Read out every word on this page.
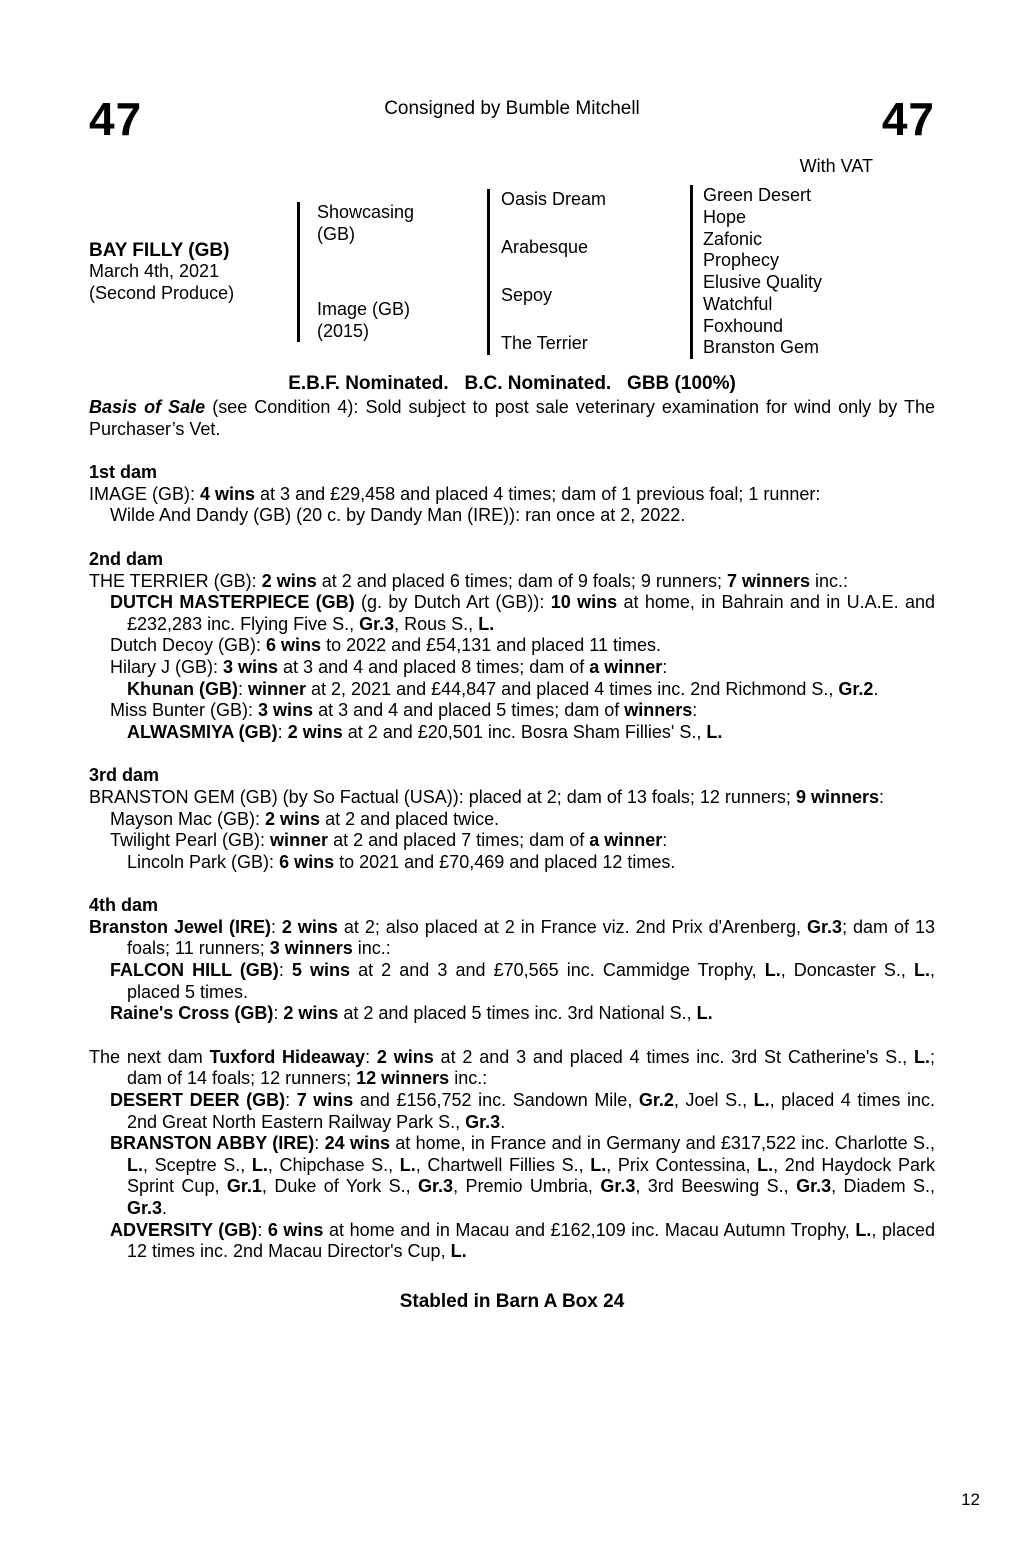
47	Consigned by Bumble Mitchell	47
With VAT
BAY FILLY (GB)
March 4th, 2021
(Second Produce)
Showcasing
(GB)
Image (GB)
(2015)
Oasis Dream
Arabesque
Sepoy
The Terrier
Green Desert
Hope
Zafonic
Prophecy
Elusive Quality
Watchful
Foxhound
Branston Gem
E.B.F. Nominated.   B.C. Nominated.   GBB (100%)

Basis of Sale (see Condition 4): Sold subject to post sale veterinary examination for wind only by The Purchaser’s Vet.

1st dam

IMAGE (GB): 4 wins at 3 and £29,458 and placed 4 times; dam of 1 previous foal; 1 runner:

Wilde And Dandy (GB) (20 c. by Dandy Man (IRE)): ran once at 2, 2022.

2nd dam

THE TERRIER (GB): 2 wins at 2 and placed 6 times; dam of 9 foals; 9 runners; 7 winners inc.:

DUTCH MASTERPIECE (GB) (g. by Dutch Art (GB)): 10 wins at home, in Bahrain and in U.A.E. and £232,283 inc. Flying Five S., Gr.3, Rous S., L.

Dutch Decoy (GB): 6 wins to 2022 and £54,131 and placed 11 times.

Hilary J (GB): 3 wins at 3 and 4 and placed 8 times; dam of a winner:

Khunan (GB): winner at 2, 2021 and £44,847 and placed 4 times inc. 2nd Richmond S., Gr.2.

Miss Bunter (GB): 3 wins at 3 and 4 and placed 5 times; dam of winners:

ALWASMIYA (GB): 2 wins at 2 and £20,501 inc. Bosra Sham Fillies' S., L.

3rd dam

BRANSTON GEM (GB) (by So Factual (USA)): placed at 2; dam of 13 foals; 12 runners; 9 winners:

Mayson Mac (GB): 2 wins at 2 and placed twice.

Twilight Pearl (GB): winner at 2 and placed 7 times; dam of a winner:

Lincoln Park (GB): 6 wins to 2021 and £70,469 and placed 12 times.

4th dam

Branston Jewel (IRE): 2 wins at 2; also placed at 2 in France viz. 2nd Prix d'Arenberg, Gr.3; dam of 13 foals; 11 runners; 3 winners inc.:

FALCON HILL (GB): 5 wins at 2 and 3 and £70,565 inc. Cammidge Trophy, L., Doncaster S., L., placed 5 times.

Raine's Cross (GB): 2 wins at 2 and placed 5 times inc. 3rd National S., L.

The next dam Tuxford Hideaway: 2 wins at 2 and 3 and placed 4 times inc. 3rd St Catherine's S., L.; dam of 14 foals; 12 runners; 12 winners inc.:

DESERT DEER (GB): 7 wins and £156,752 inc. Sandown Mile, Gr.2, Joel S., L., placed 4 times inc. 2nd Great North Eastern Railway Park S., Gr.3.

BRANSTON ABBY (IRE): 24 wins at home, in France and in Germany and £317,522 inc. Charlotte S., L., Sceptre S., L., Chipchase S., L., Chartwell Fillies S., L., Prix Contessina, L., 2nd Haydock Park Sprint Cup, Gr.1, Duke of York S., Gr.3, Premio Umbria, Gr.3, 3rd Beeswing S., Gr.3, Diadem S., Gr.3.

ADVERSITY (GB): 6 wins at home and in Macau and £162,109 inc. Macau Autumn Trophy, L., placed 12 times inc. 2nd Macau Director's Cup, L.

Stabled in Barn A Box 24
12
